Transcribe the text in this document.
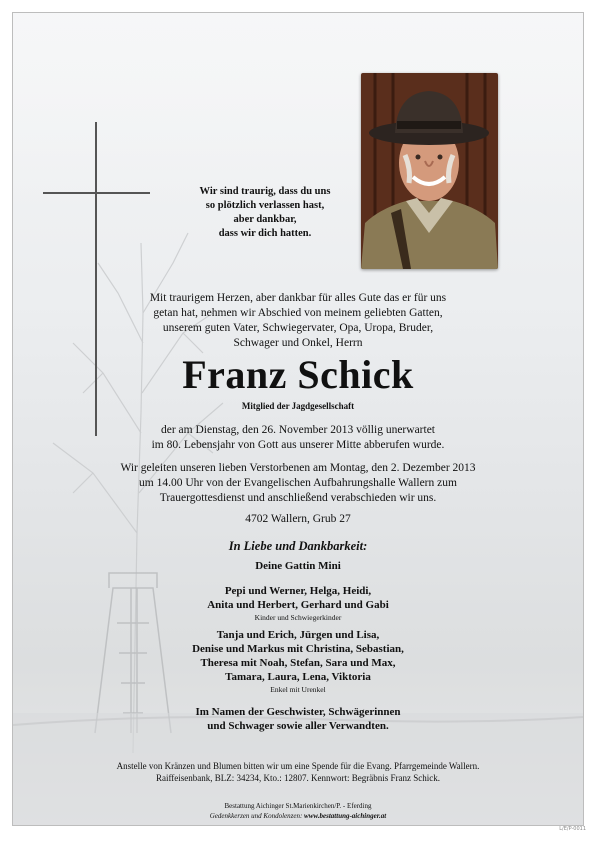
Wir sind traurig, dass du uns
so plötzlich verlassen hast,
aber dankbar,
dass wir dich hatten.
Mit traurigem Herzen, aber dankbar für alles Gute das er für uns
getan hat, nehmen wir Abschied von meinem geliebten Gatten,
unserem guten Vater, Schwiegervater, Opa, Uropa, Bruder,
Schwager und Onkel, Herrn
Franz Schick
Mitglied der Jagdgesellschaft
der am Dienstag, den 26. November 2013 völlig unerwartet
im 80. Lebensjahr von Gott aus unserer Mitte abberufen wurde.
Wir geleiten unseren lieben Verstorbenen am Montag, den 2. Dezember 2013
um 14.00 Uhr von der Evangelischen Aufbahrungshalle Wallern zum
Trauergottesdienst und anschließend verabschieden wir uns.
4702 Wallern, Grub 27
In Liebe und Dankbarkeit:
Deine Gattin Mini
Pepi und Werner, Helga, Heidi,
Anita und Herbert, Gerhard und Gabi
Kinder und Schwiegerkinder
Tanja und Erich, Jürgen und Lisa,
Denise und Markus mit Christina, Sebastian,
Theresa mit Noah, Stefan, Sara und Max,
Tamara, Laura, Lena, Viktoria
Enkel mit Urenkel
Im Namen der Geschwister, Schwägerinnen
und Schwager sowie aller Verwandten.
Anstelle von Kränzen und Blumen bitten wir um eine Spende für die Evang. Pfarrgemeinde Wallern.
Raiffeisenbank, BLZ: 34234, Kto.: 12807. Kennwort: Begräbnis Franz Schick.
Bestattung Aichinger St.Marienkirchen/P. - Eferding
Gedenkkerzen und Kondolenzen: www.bestattung-aichinger.at
L/E/P-0011
